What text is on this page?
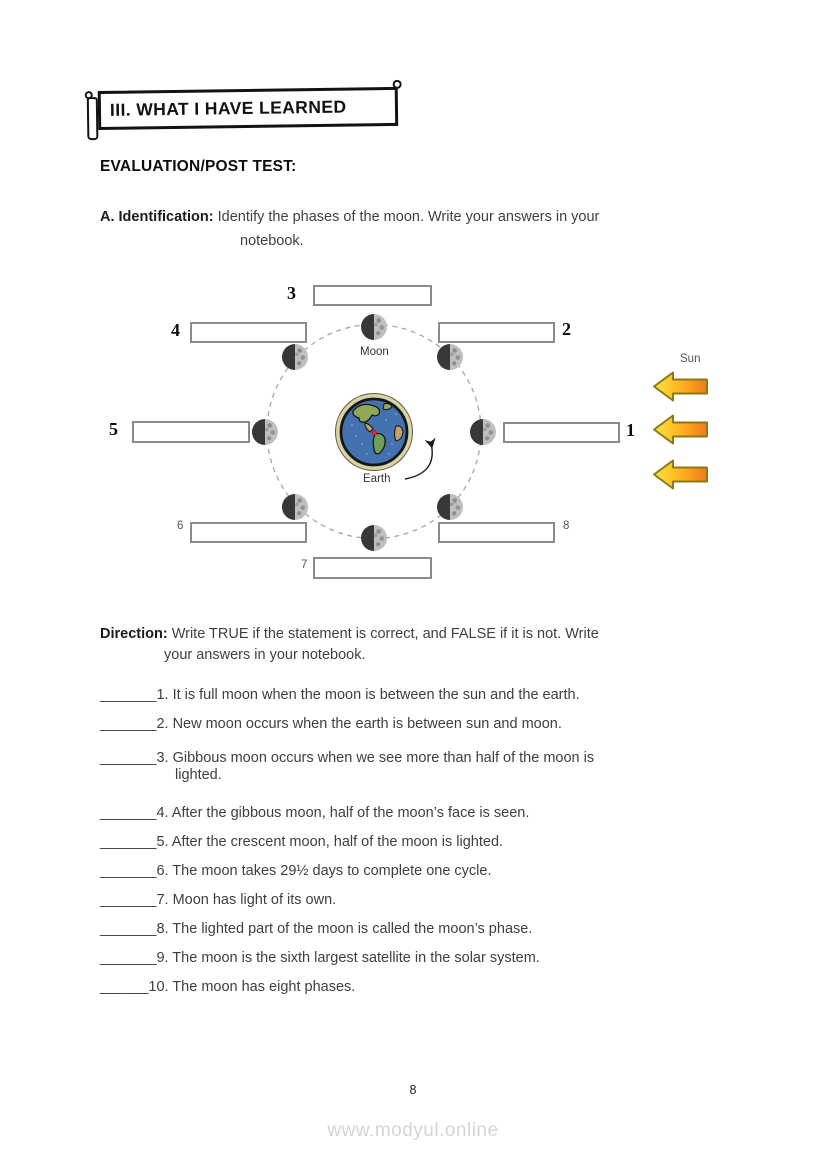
III. WHAT I HAVE LEARNED
EVALUATION/POST TEST:
A. Identification: Identify the phases of the moon. Write your answers in your
notebook.
Moon
Earth
Sun
1
2
3
4
5
6
7
8
Direction: Write TRUE if the statement is correct, and FALSE if it is not. Write
your answers in your notebook.
_______1. It is full moon when the moon is between the sun and the earth.
_______2. New moon occurs when the earth is between sun and moon.
_______3. Gibbous moon occurs when we see more than half of the moon is
lighted.
_______4. After the gibbous moon, half of the moon’s face is seen.
_______5. After the crescent moon, half of the moon is lighted.
_______6. The moon takes 29½ days to complete one cycle.
_______7. Moon has light of its own.
_______8. The lighted part of the moon is called the moon’s phase.
_______9. The moon is the sixth largest satellite in the solar system.
______10. The moon has eight phases.
8
www.modyul.online
